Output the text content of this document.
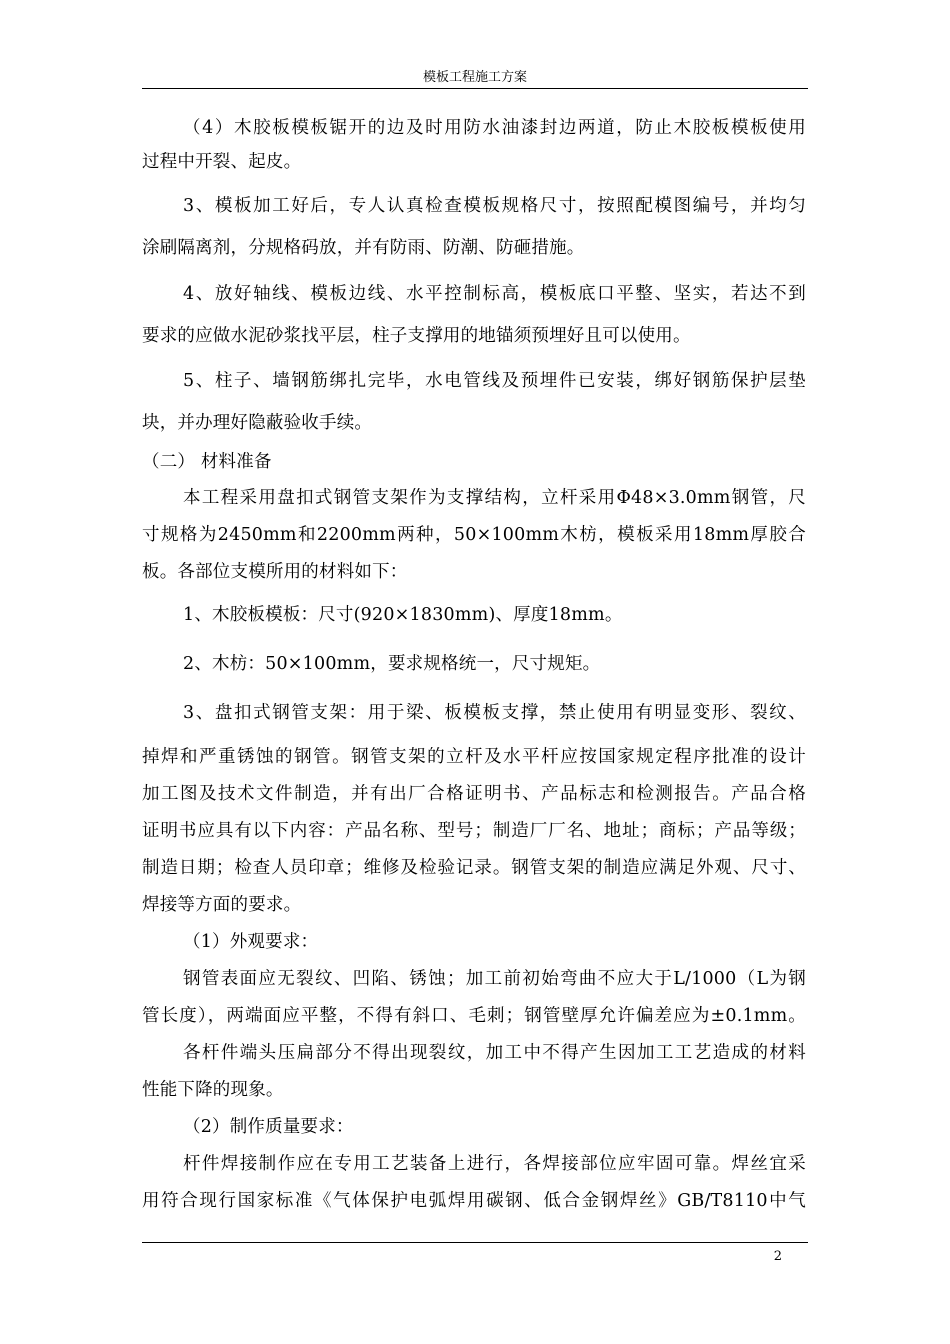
模板工程施工方案
（4）木胶板模板锯开的边及时用防水油漆封边两道，防止木胶板模板使用
过程中开裂、起皮。
3、模板加工好后，专人认真检查模板规格尺寸，按照配模图编号，并均匀
涂刷隔离剂，分规格码放，并有防雨、防潮、防砸措施。
4、放好轴线、模板边线、水平控制标高，模板底口平整、坚实，若达不到
要求的应做水泥砂浆找平层，柱子支撑用的地锚须预埋好且可以使用。
5、柱子、墙钢筋绑扎完毕，水电管线及预埋件已安装，绑好钢筋保护层垫
块，并办理好隐蔽验收手续。
（二） 材料准备
本工程采用盘扣式钢管支架作为支撑结构，立杆采用Φ48×3.0mm钢管，尺
寸规格为2450mm和2200mm两种，50×100mm木枋，模板采用18mm厚胶合
板。各部位支模所用的材料如下：
1、木胶板模板：尺寸(920×1830mm)、厚度18mm。
2、木枋：50×100mm，要求规格统一，尺寸规矩。
3、盘扣式钢管支架：用于梁、板模板支撑，禁止使用有明显变形、裂纹、
掉焊和严重锈蚀的钢管。钢管支架的立杆及水平杆应按国家规定程序批准的设计
加工图及技术文件制造，并有出厂合格证明书、产品标志和检测报告。产品合格
证明书应具有以下内容：产品名称、型号；制造厂厂名、地址；商标；产品等级；
制造日期；检查人员印章；维修及检验记录。钢管支架的制造应满足外观、尺寸、
焊接等方面的要求。
（1）外观要求：
钢管表面应无裂纹、凹陷、锈蚀；加工前初始弯曲不应大于L/1000（L为钢
管长度），两端面应平整，不得有斜口、毛刺；钢管壁厚允许偏差应为±0.1mm。
各杆件端头压扁部分不得出现裂纹，加工中不得产生因加工工艺造成的材料
性能下降的现象。
（2）制作质量要求：
杆件焊接制作应在专用工艺装备上进行，各焊接部位应牢固可靠。焊丝宜采
用符合现行国家标准《气体保护电弧焊用碳钢、低合金钢焊丝》GB/T8110中气
2
